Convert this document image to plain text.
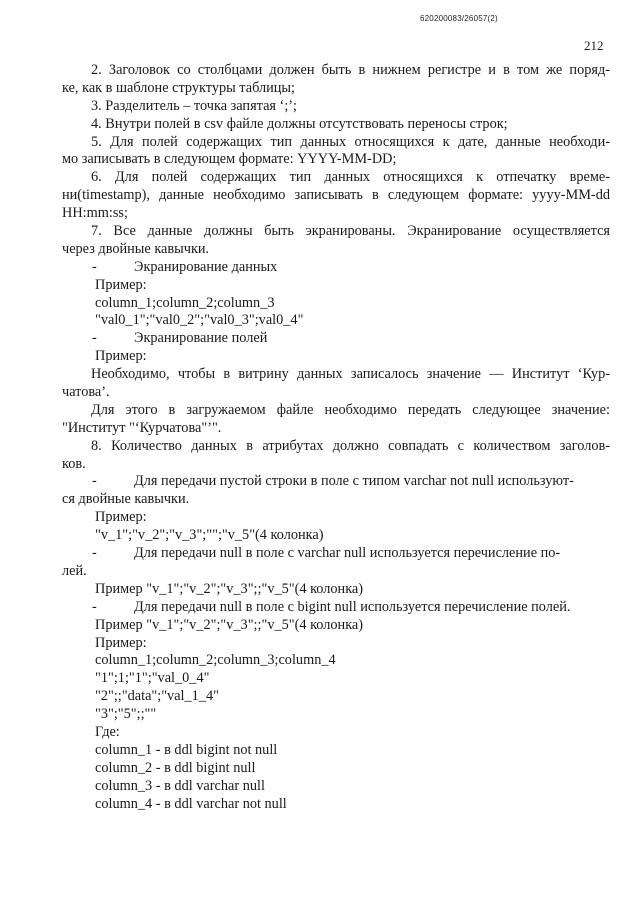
620200083/26057(2)
212
2. Заголовок со столбцами должен быть в нижнем регистре и в том же поряд-
ке, как в шаблоне структуры таблицы;
3. Разделитель – точка запятая ‘;’;
4. Внутри полей в csv файле должны отсутствовать переносы строк;
5. Для полей содержащих тип данных относящихся к дате, данные необходи-
мо записывать в следующем формате: YYYY-MM-DD;
6. Для полей содержащих тип данных относящихся к отпечатку време-
ни(timestamp), данные необходимо записывать в следующем формате: yyyy-MM-dd
HH:mm:ss;
7. Все данные должны быть экранированы. Экранирование осуществляется
через двойные кавычки.
-	Экранирование данных
Пример:
column_1;column_2;column_3
"val0_1";"val0_2";"val0_3";val0_4"
-	Экранирование полей
Пример:
Необходимо, чтобы в витрину данных записалось значение — Институт ‘Кур-
чатова’.
Для этого в загружаемом файле необходимо передать следующее значение:
"Институт "‘Курчатова"’".
8. Количество данных в атрибутах должно совпадать с количеством заголов-
ков.
-	Для передачи пустой строки в поле с типом varchar not null используют-
ся двойные кавычки.
Пример:
"v_1";"v_2";"v_3";"";"v_5"(4 колонка)
-	Для передачи null в поле с varchar null используется перечисление по-
лей.
Пример "v_1";"v_2";"v_3";;"v_5"(4 колонка)
-	Для передачи null в поле с bigint null используется перечисление полей.
Пример "v_1";"v_2";"v_3";;"v_5"(4 колонка)
Пример:
column_1;column_2;column_3;column_4
"1";1;"1";"val_0_4"
"2";;"data";"val_1_4"
"3";"5";;""
Где:
column_1 - в ddl bigint not null
column_2 - в ddl bigint null
column_3 - в ddl varchar null
column_4 - в ddl varchar not null
